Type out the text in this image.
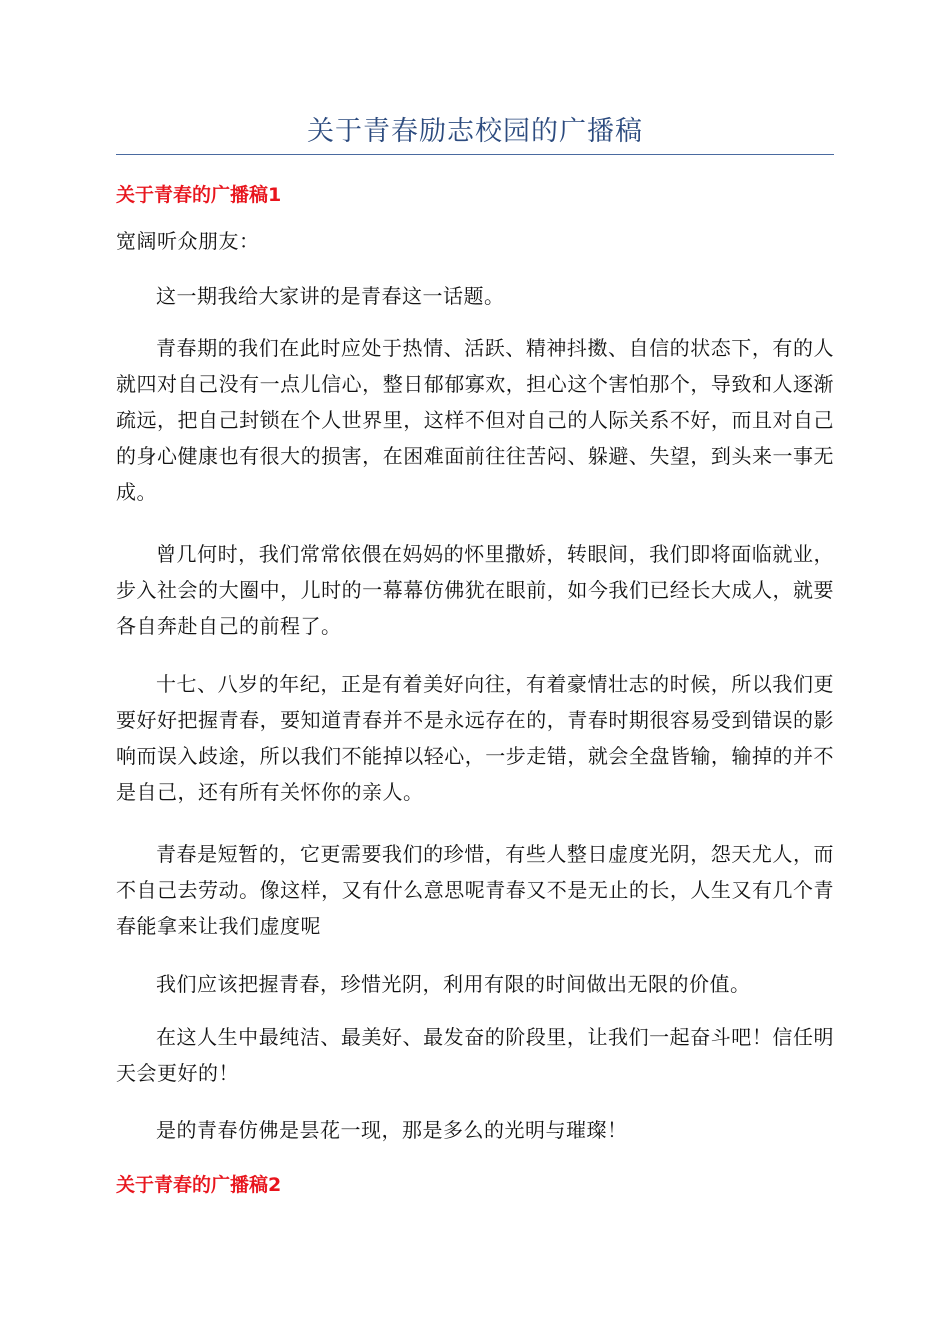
关于青春励志校园的广播稿
关于青春的广播稿1
宽阔听众朋友：
这一期我给大家讲的是青春这一话题。
青春期的我们在此时应处于热情、活跃、精神抖擞、自信的状态下，有的人就四对自己没有一点儿信心，整日郁郁寡欢，担心这个害怕那个，导致和人逐渐疏远，把自己封锁在个人世界里，这样不但对自己的人际关系不好，而且对自己的身心健康也有很大的损害，在困难面前往往苦闷、躲避、失望，到头来一事无成。
曾几何时，我们常常依偎在妈妈的怀里撒娇，转眼间，我们即将面临就业，步入社会的大圈中，儿时的一幕幕仿佛犹在眼前，如今我们已经长大成人，就要各自奔赴自己的前程了。
十七、八岁的年纪，正是有着美好向往，有着豪情壮志的时候，所以我们更要好好把握青春，要知道青春并不是永远存在的，青春时期很容易受到错误的影响而误入歧途，所以我们不能掉以轻心，一步走错，就会全盘皆输，输掉的并不是自己，还有所有关怀你的亲人。
青春是短暂的，它更需要我们的珍惜，有些人整日虚度光阴，怨天尤人，而不自己去劳动。像这样，又有什么意思呢青春又不是无止的长，人生又有几个青春能拿来让我们虚度呢
我们应该把握青春，珍惜光阴，利用有限的时间做出无限的价值。
在这人生中最纯洁、最美好、最发奋的阶段里，让我们一起奋斗吧！信任明天会更好的！
是的青春仿佛是昙花一现，那是多么的光明与璀璨！
关于青春的广播稿2
